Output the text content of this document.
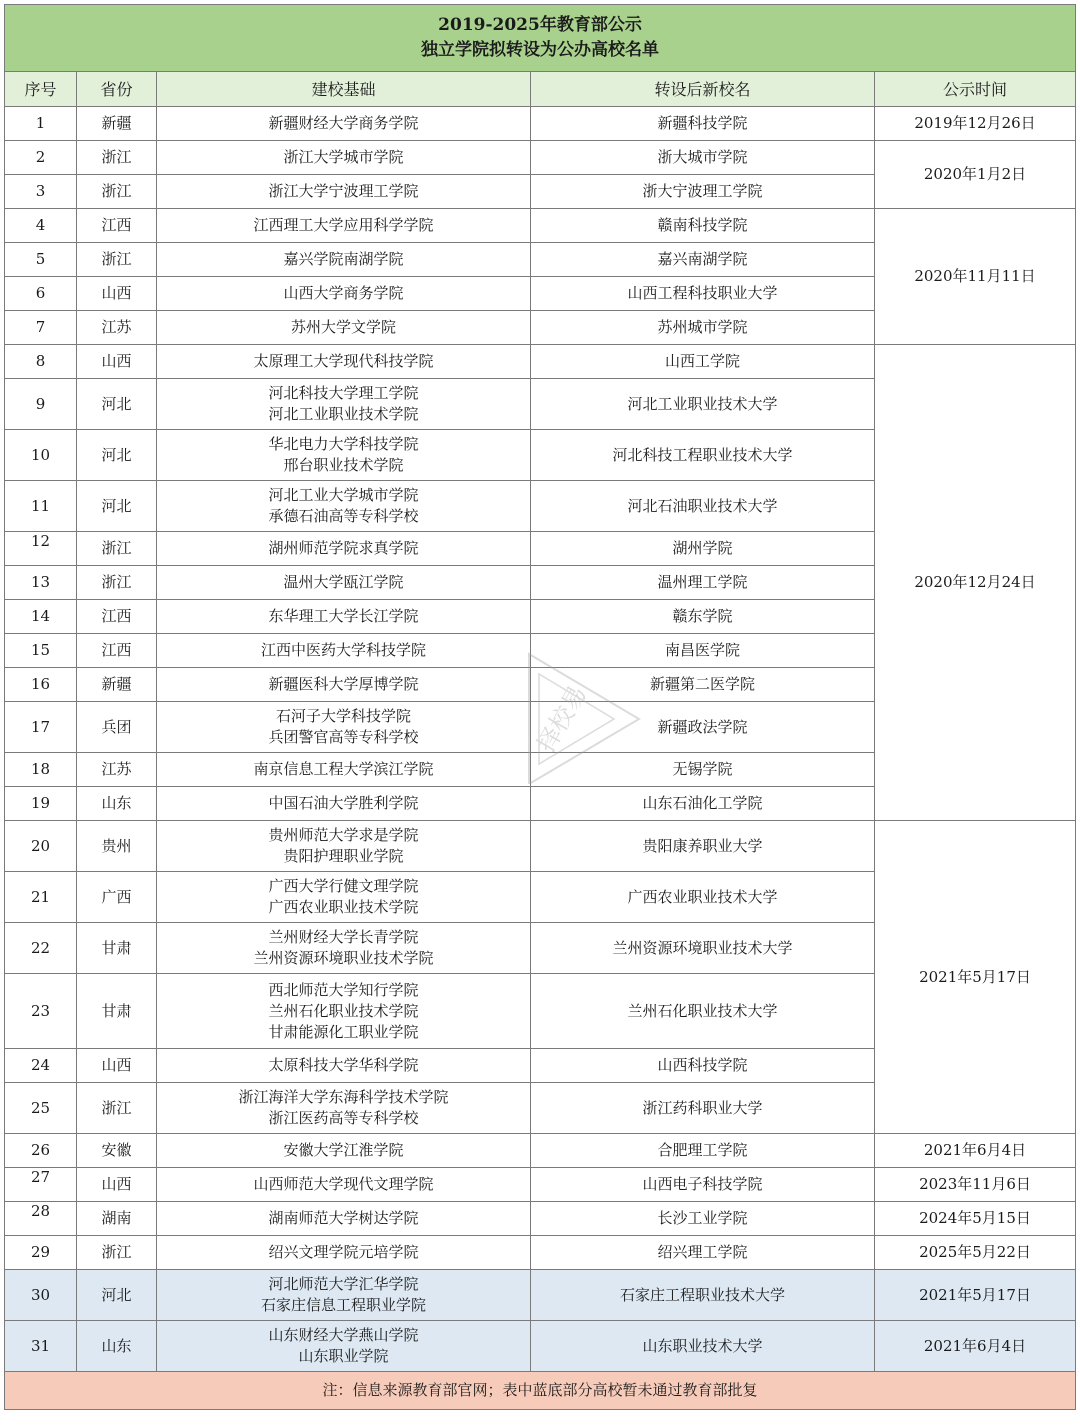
2019-2025年教育部公示
独立学院拟转设为公办高校名单				

序号	省份	建校基础	转设后新校名	公示时间
1	新疆	新疆财经大学商务学院	新疆科技学院	2019年12月26日
2	浙江	浙江大学城市学院	浙大城市学院	2020年1月2日
3	浙江	浙江大学宁波理工学院	浙大宁波理工学院	
4	江西	江西理工大学应用科学学院	赣南科技学院	2020年11月11日
5	浙江	嘉兴学院南湖学院	嘉兴南湖学院	
6	山西	山西大学商务学院	山西工程科技职业大学	
7	江苏	苏州大学文学院	苏州城市学院	
8	山西	太原理工大学现代科技学院	山西工学院	2020年12月24日
9	河北	河北科技大学理工学院
河北工业职业技术学院	河北工业职业技术大学	
10	河北	华北电力大学科技学院
邢台职业技术学院	河北科技工程职业技术大学	
11	河北	河北工业大学城市学院
承德石油高等专科学校	河北石油职业技术大学	

12	浙江	湖州师范学院求真学院	湖州学院	
13	浙江	温州大学瓯江学院	温州理工学院	
14	江西	东华理工大学长江学院	赣东学院	
15	江西	江西中医药大学科技学院	南昌医学院	
16	新疆	新疆医科大学厚博学院	新疆第二医学院	
17	兵团	石河子大学科技学院
兵团警官高等专科学校	新疆政法学院	
18	江苏	南京信息工程大学滨江学院	无锡学院	
19	山东	中国石油大学胜利学院	山东石油化工学院	
20	贵州	贵州师范大学求是学院
贵阳护理职业学院	贵阳康养职业大学	2021年5月17日
21	广西	广西大学行健文理学院
广西农业职业技术学院	广西农业职业技术大学	
22	甘肃	兰州财经大学长青学院
兰州资源环境职业技术学院	兰州资源环境职业技术大学	
23	甘肃	西北师范大学知行学院
兰州石化职业技术学院
甘肃能源化工职业学院	兰州石化职业技术大学	
24	山西	太原科技大学华科学院	山西科技学院	
25	浙江	浙江海洋大学东海科学技术学院
浙江医药高等专科学校	浙江药科职业大学	
26	安徽	安徽大学江淮学院	合肥理工学院	2021年6月4日

27	山西	山西师范大学现代文理学院	山西电子科技学院	2023年11月6日

28	湖南	湖南师范大学树达学院	长沙工业学院	2024年5月15日
29	浙江	绍兴文理学院元培学院	绍兴理工学院	2025年5月22日
30	河北	河北师范大学汇华学院
石家庄信息工程职业学院	石家庄工程职业技术大学	2021年5月17日
31	山东	山东财经大学燕山学院
山东职业学院	山东职业技术大学	2021年6月4日
注：信息来源教育部官网；表中蓝底部分高校暂未通过教育部批复				
择校易
